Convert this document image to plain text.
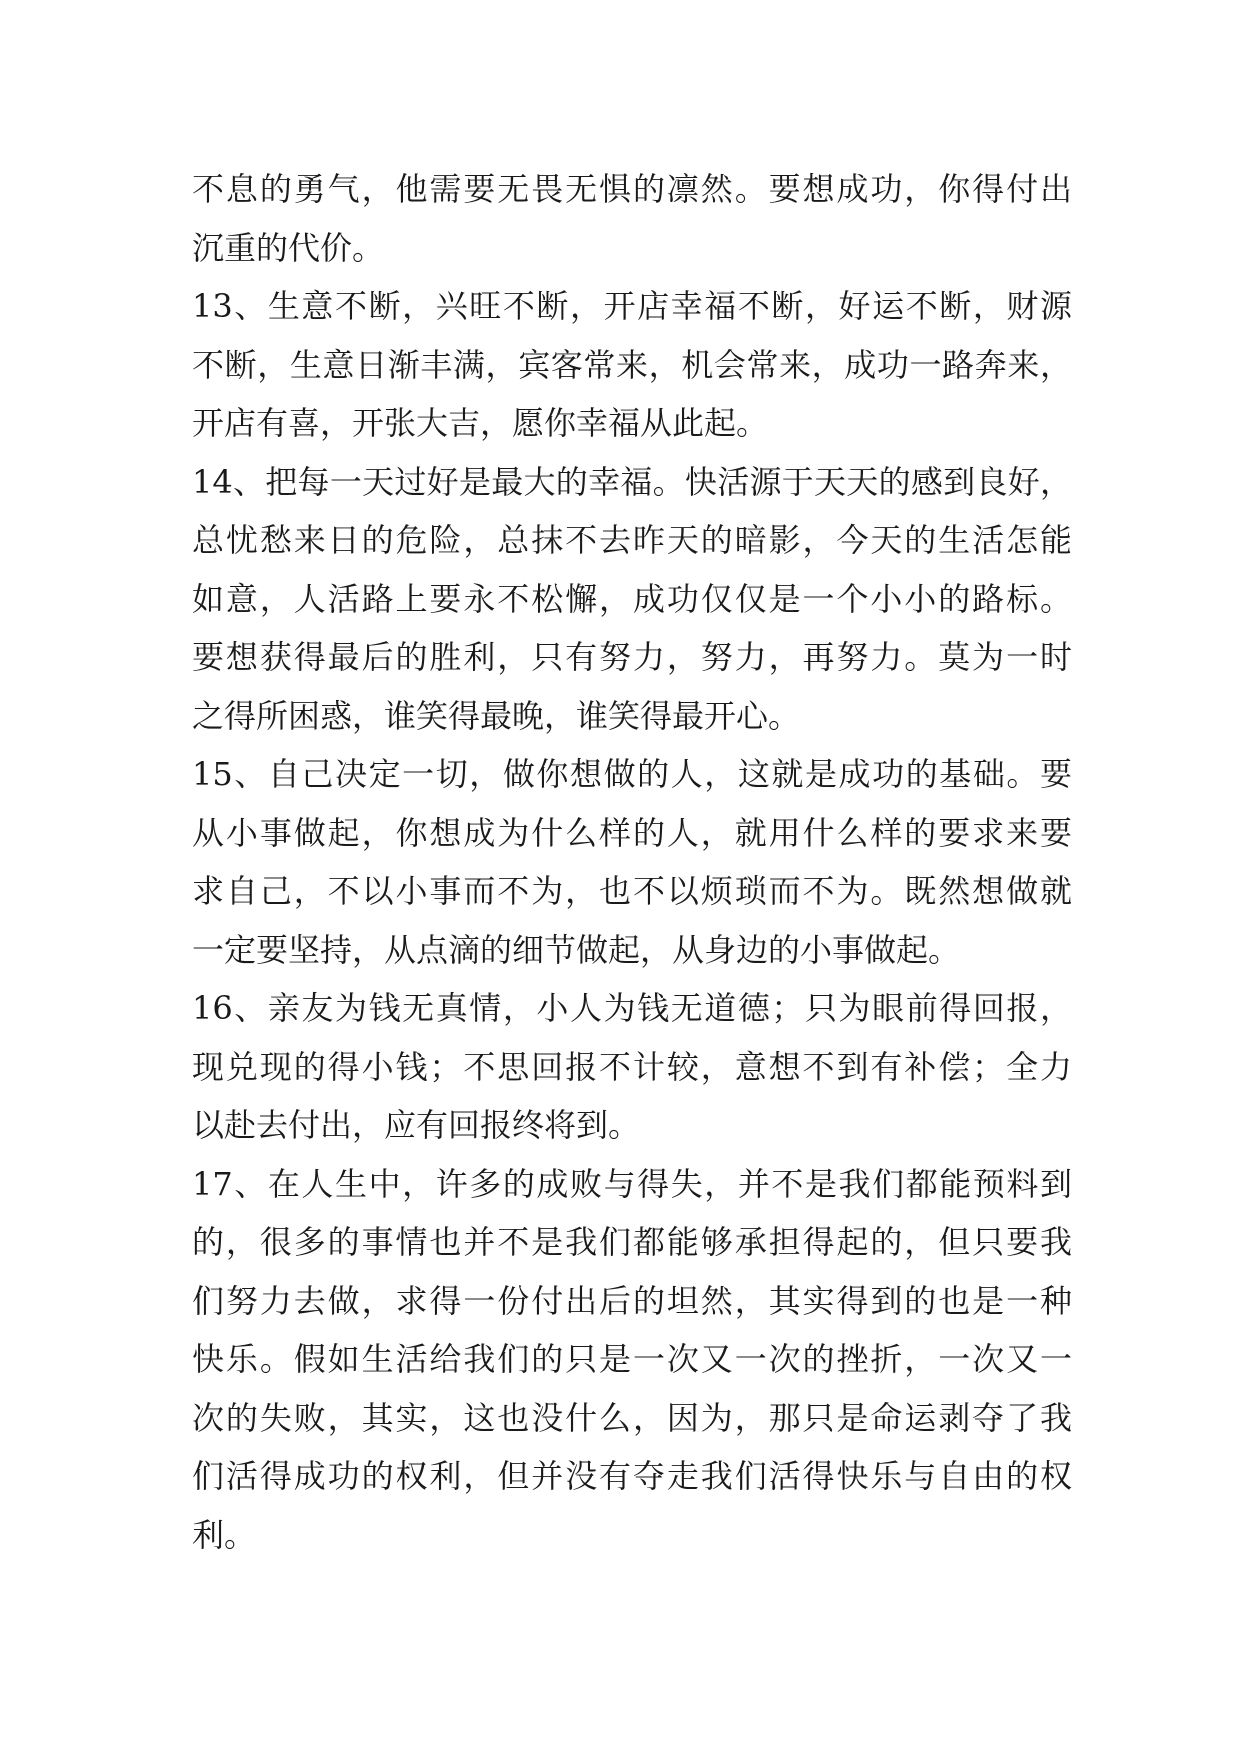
不息的勇气，他需要无畏无惧的凛然。要想成功，你得付出
沉重的代价。
13、生意不断，兴旺不断，开店幸福不断，好运不断，财源
不断，生意日渐丰满，宾客常来，机会常来，成功一路奔来，
开店有喜，开张大吉，愿你幸福从此起。
14、把每一天过好是最大的幸福。快活源于天天的感到良好，
总忧愁来日的危险，总抹不去昨天的暗影，今天的生活怎能
如意，人活路上要永不松懈，成功仅仅是一个小小的路标。
要想获得最后的胜利，只有努力，努力，再努力。莫为一时
之得所困惑，谁笑得最晚，谁笑得最开心。
15、自己决定一切，做你想做的人，这就是成功的基础。要
从小事做起，你想成为什么样的人，就用什么样的要求来要
求自己，不以小事而不为，也不以烦琐而不为。既然想做就
一定要坚持，从点滴的细节做起，从身边的小事做起。
16、亲友为钱无真情，小人为钱无道德；只为眼前得回报，
现兑现的得小钱；不思回报不计较，意想不到有补偿；全力
以赴去付出，应有回报终将到。
17、在人生中，许多的成败与得失，并不是我们都能预料到
的，很多的事情也并不是我们都能够承担得起的，但只要我
们努力去做，求得一份付出后的坦然，其实得到的也是一种
快乐。假如生活给我们的只是一次又一次的挫折，一次又一
次的失败，其实，这也没什么，因为，那只是命运剥夺了我
们活得成功的权利，但并没有夺走我们活得快乐与自由的权
利。
